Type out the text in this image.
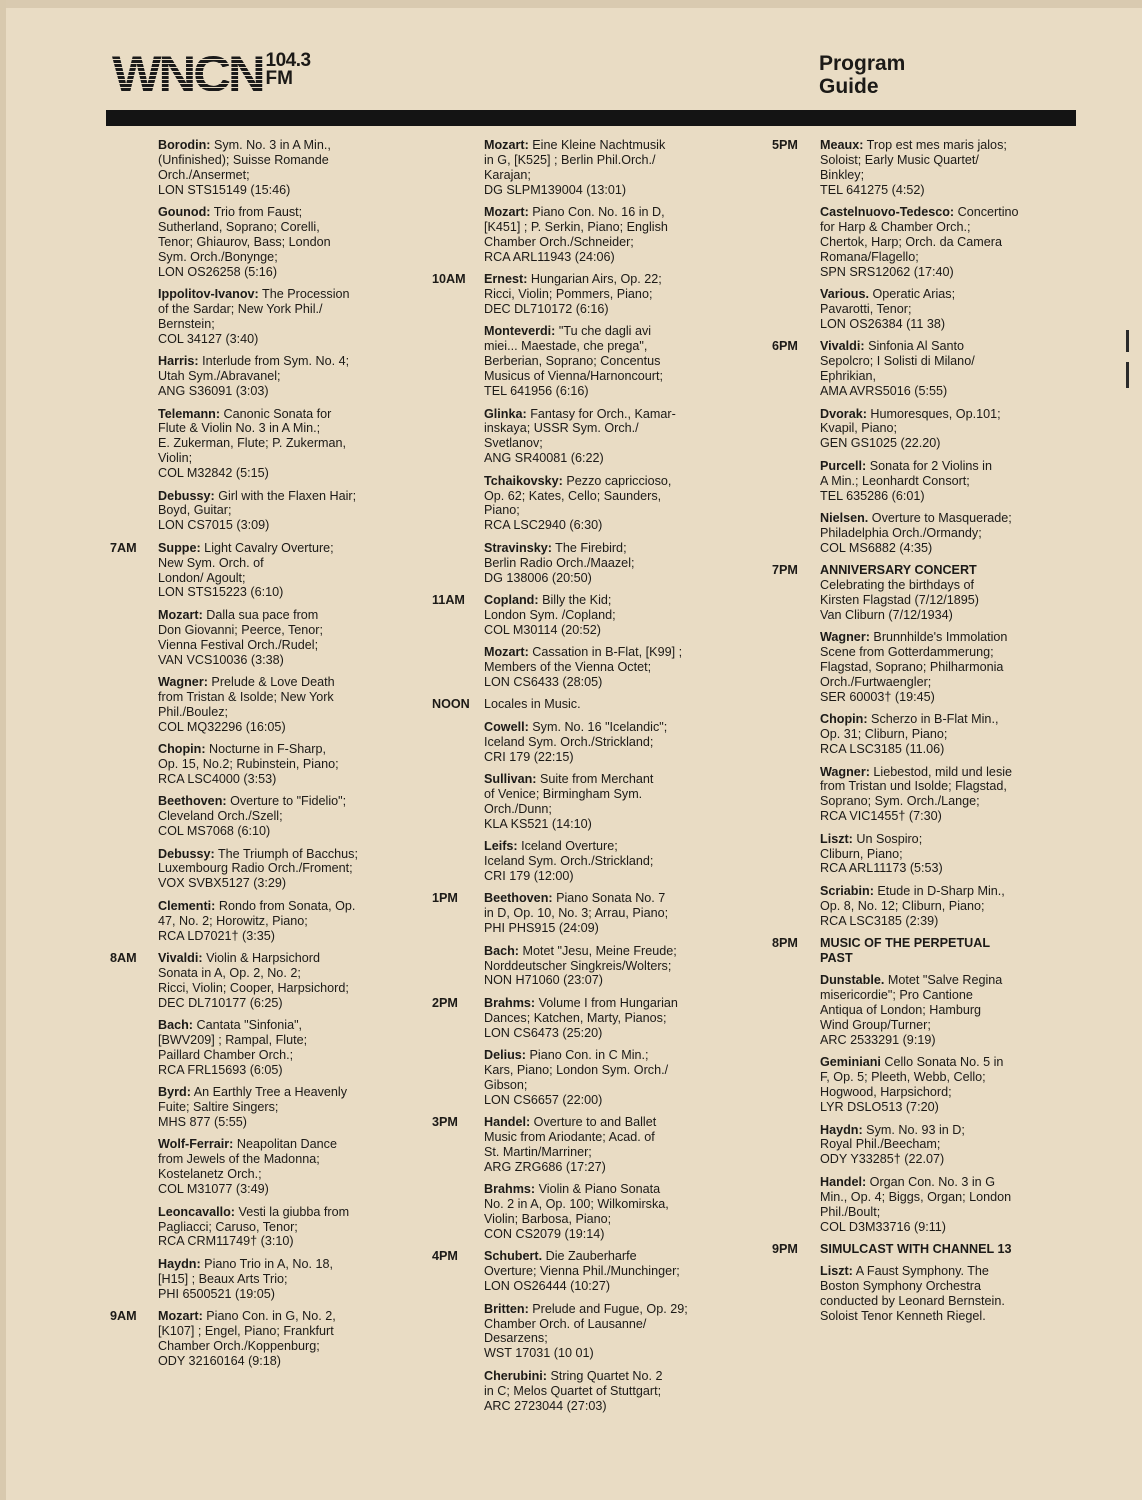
WNCN 104.3
FM
Program
Guide
Borodin: Sym. No. 3 in A Min.,
(Unfinished); Suisse Romande
Orch./Ansermet;
LON STS15149 (15:46)
Gounod: Trio from Faust;
Sutherland, Soprano; Corelli,
Tenor; Ghiaurov, Bass; London
Sym. Orch./Bonynge;
LON OS26258 (5:16)
Ippolitov-Ivanov: The Procession
of the Sardar; New York Phil./
Bernstein;
COL 34127 (3:40)
Harris: Interlude from Sym. No. 4;
Utah Sym./Abravanel;
ANG S36091 (3:03)
Telemann: Canonic Sonata for
Flute & Violin No. 3 in A Min.;
E. Zukerman, Flute; P. Zukerman,
Violin;
COL M32842 (5:15)
Debussy: Girl with the Flaxen Hair;
Boyd, Guitar;
LON CS7015 (3:09)
7AM Suppe: Light Cavalry Overture;
New Sym. Orch. of
London/ Agoult;
LON STS15223 (6:10)
Mozart: Dalla sua pace from
Don Giovanni; Peerce, Tenor;
Vienna Festival Orch./Rudel;
VAN VCS10036 (3:38)
Wagner: Prelude & Love Death
from Tristan & Isolde; New York
Phil./Boulez;
COL MQ32296 (16:05)
Chopin: Nocturne in F-Sharp,
Op. 15, No.2; Rubinstein, Piano;
RCA LSC4000 (3:53)
Beethoven: Overture to "Fidelio";
Cleveland Orch./Szell;
COL MS7068 (6:10)
Debussy: The Triumph of Bacchus;
Luxembourg Radio Orch./Froment;
VOX SVBX5127 (3:29)
Clementi: Rondo from Sonata, Op.
47, No. 2; Horowitz, Piano;
RCA LD7021† (3:35)
8AM Vivaldi: Violin & Harpsichord
Sonata in A, Op. 2, No. 2;
Ricci, Violin; Cooper, Harpsichord;
DEC DL710177 (6:25)
Bach: Cantata "Sinfonia",
[BWV209] ; Rampal, Flute;
Paillard Chamber Orch.;
RCA FRL15693 (6:05)
Byrd: An Earthly Tree a Heavenly
Fuite; Saltire Singers;
MHS 877 (5:55)
Wolf-Ferrair: Neapolitan Dance
from Jewels of the Madonna;
Kostelanetz Orch.;
COL M31077 (3:49)
Leoncavallo: Vesti la giubba from
Pagliacci; Caruso, Tenor;
RCA CRM11749† (3:10)
Haydn: Piano Trio in A, No. 18,
[H15] ; Beaux Arts Trio;
PHI 6500521 (19:05)
9AM Mozart: Piano Con. in G, No. 2,
[K107] ; Engel, Piano; Frankfurt
Chamber Orch./Koppenburg;
ODY 32160164 (9:18)
Mozart: Eine Kleine Nachtmusik
in G, [K525] ; Berlin Phil.Orch./
Karajan;
DG SLPM139004 (13:01)
Mozart: Piano Con. No. 16 in D,
[K451] ; P. Serkin, Piano; English
Chamber Orch./Schneider;
RCA ARL11943 (24:06)
10AM Ernest: Hungarian Airs, Op. 22;
Ricci, Violin; Pommers, Piano;
DEC DL710172 (6:16)
Monteverdi: "Tu che dagli avi
miei... Maestade, che prega",
Berberian, Soprano; Concentus
Musicus of Vienna/Harnoncourt;
TEL 641956 (6:16)
Glinka: Fantasy for Orch., Kamar-
inskaya; USSR Sym. Orch./
Svetlanov;
ANG SR40081 (6:22)
Tchaikovsky: Pezzo capriccioso,
Op. 62; Kates, Cello; Saunders,
Piano;
RCA LSC2940 (6:30)
Stravinsky: The Firebird;
Berlin Radio Orch./Maazel;
DG 138006 (20:50)
11AM Copland: Billy the Kid;
London Sym. /Copland;
COL M30114 (20:52)
Mozart: Cassation in B-Flat, [K99] ;
Members of the Vienna Octet;
LON CS6433 (28:05)
NOON Locales in Music.
Cowell: Sym. No. 16 "Icelandic";
Iceland Sym. Orch./Strickland;
CRI 179 (22:15)
Sullivan: Suite from Merchant
of Venice; Birmingham Sym.
Orch./Dunn;
KLA KS521 (14:10)
Leifs: Iceland Overture;
Iceland Sym. Orch./Strickland;
CRI 179 (12:00)
1PM Beethoven: Piano Sonata No. 7
in D, Op. 10, No. 3; Arrau, Piano;
PHI PHS915 (24:09)
Bach: Motet "Jesu, Meine Freude;
Norddeutscher Singkreis/Wolters;
NON H71060 (23:07)
2PM Brahms: Volume I from Hungarian
Dances; Katchen, Marty, Pianos;
LON CS6473 (25:20)
Delius: Piano Con. in C Min.;
Kars, Piano; London Sym. Orch./
Gibson;
LON CS6657 (22:00)
3PM Handel: Overture to and Ballet
Music from Ariodante; Acad. of
St. Martin/Marriner;
ARG ZRG686 (17:27)
Brahms: Violin & Piano Sonata
No. 2 in A, Op. 100; Wilkomirska,
Violin; Barbosa, Piano;
CON CS2079 (19:14)
4PM Schubert. Die Zauberharfe
Overture; Vienna Phil./Munchinger;
LON OS26444 (10:27)
Britten: Prelude and Fugue, Op. 29;
Chamber Orch. of Lausanne/
Desarzens;
WST 17031 (10 01)
Cherubini: String Quartet No. 2
in C; Melos Quartet of Stuttgart;
ARC 2723044 (27:03)
5PM Meaux: Trop est mes maris jalos;
Soloist; Early Music Quartet/
Binkley;
TEL 641275 (4:52)
Castelnuovo-Tedesco: Concertino
for Harp & Chamber Orch.;
Chertok, Harp; Orch. da Camera
Romana/Flagello;
SPN SRS12062 (17:40)
Various. Operatic Arias;
Pavarotti, Tenor;
LON OS26384 (11 38)
6PM Vivaldi: Sinfonia Al Santo
Sepolcro; I Solisti di Milano/
Ephrikian,
AMA AVRS5016 (5:55)
Dvorak: Humoresques, Op.101;
Kvapil, Piano;
GEN GS1025 (22.20)
Purcell: Sonata for 2 Violins in
A Min.; Leonhardt Consort;
TEL 635286 (6:01)
Nielsen. Overture to Masquerade;
Philadelphia Orch./Ormandy;
COL MS6882 (4:35)
7PM ANNIVERSARY CONCERT
Celebrating the birthdays of
Kirsten Flagstad (7/12/1895)
Van Cliburn (7/12/1934)
Wagner: Brunnhilde's Immolation
Scene from Gotterdammerung;
Flagstad, Soprano; Philharmonia
Orch./Furtwaengler;
SER 60003† (19:45)
Chopin: Scherzo in B-Flat Min.,
Op. 31; Cliburn, Piano;
RCA LSC3185 (11.06)
Wagner: Liebestod, mild und lesie
from Tristan und Isolde; Flagstad,
Soprano; Sym. Orch./Lange;
RCA VIC1455† (7:30)
Liszt: Un Sospiro;
Cliburn, Piano;
RCA ARL11173 (5:53)
Scriabin: Etude in D-Sharp Min.,
Op. 8, No. 12; Cliburn, Piano;
RCA LSC3185 (2:39)
8PM MUSIC OF THE PERPETUAL
PAST
Dunstable. Motet "Salve Regina
misericordie"; Pro Cantione
Antiqua of London; Hamburg
Wind Group/Turner;
ARC 2533291 (9:19)
Geminiani Cello Sonata No. 5 in
F, Op. 5; Pleeth, Webb, Cello;
Hogwood, Harpsichord;
LYR DSLO513 (7:20)
Haydn: Sym. No. 93 in D;
Royal Phil./Beecham;
ODY Y33285† (22.07)
Handel: Organ Con. No. 3 in G
Min., Op. 4; Biggs, Organ; London
Phil./Boult;
COL D3M33716 (9:11)
9PM SIMULCAST WITH CHANNEL 13
Liszt: A Faust Symphony. The
Boston Symphony Orchestra
conducted by Leonard Bernstein.
Soloist Tenor Kenneth Riegel.
